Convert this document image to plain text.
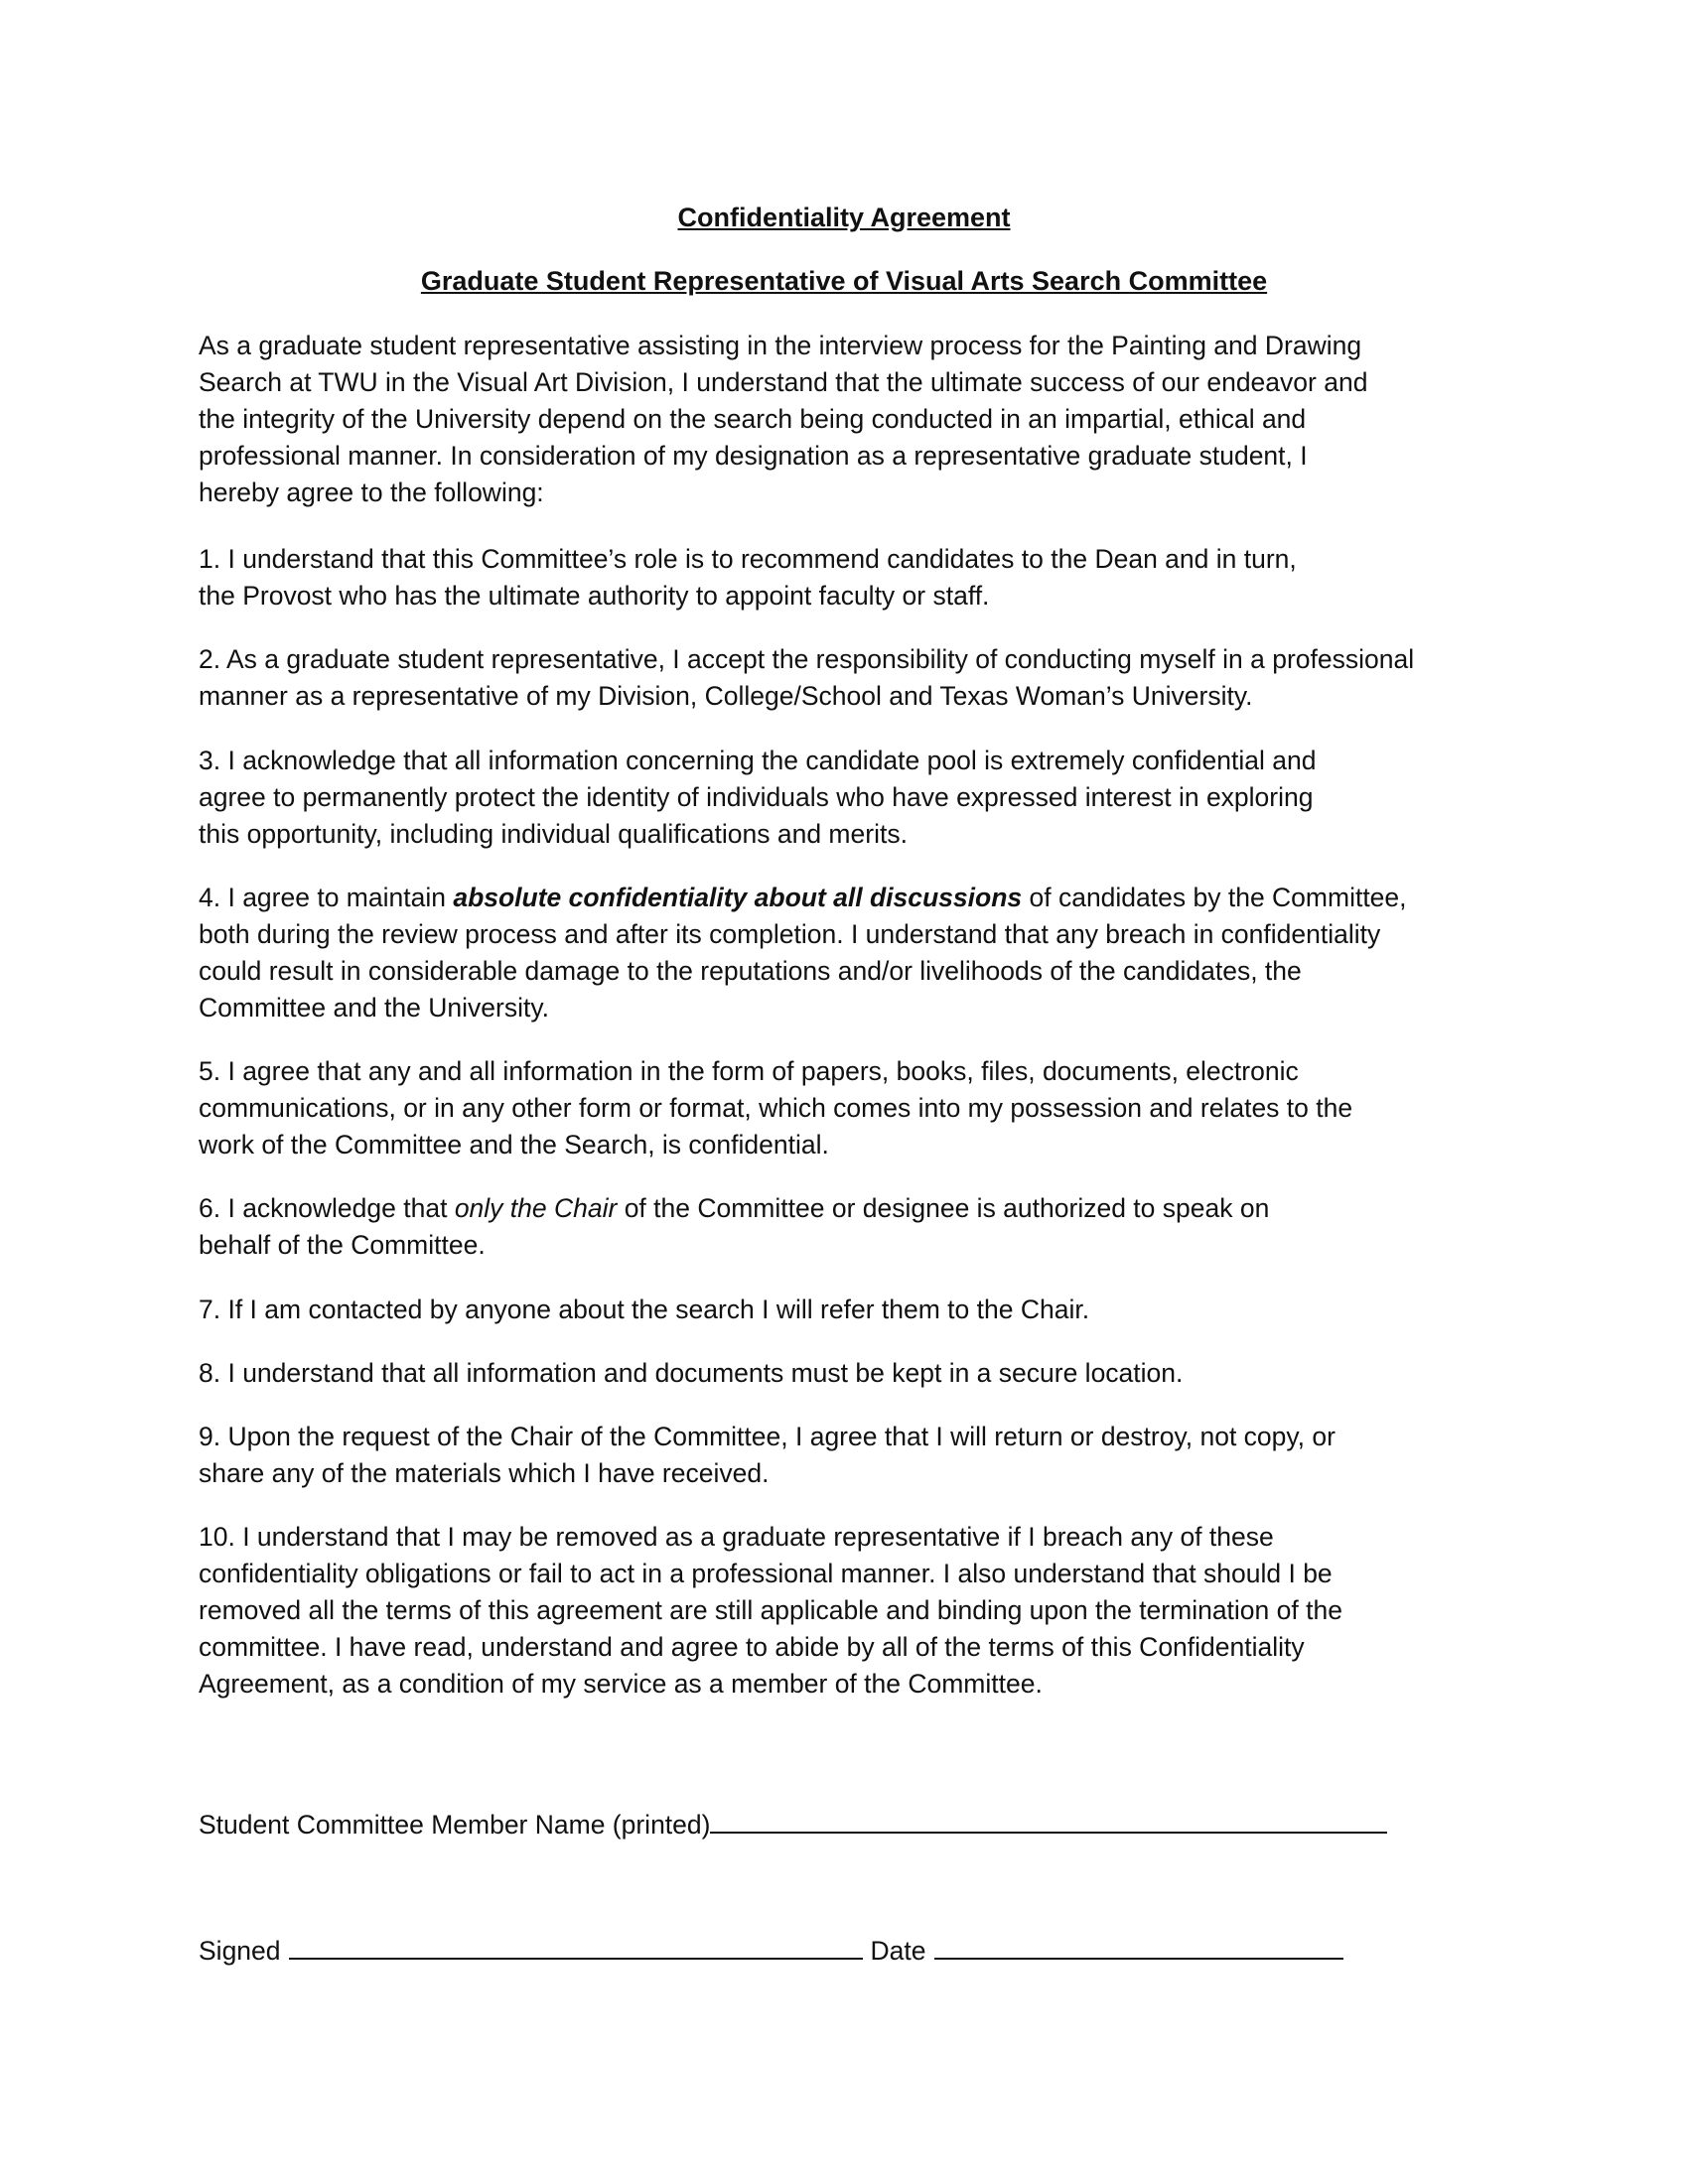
Confidentiality Agreement
Graduate Student Representative of Visual Arts Search Committee

As a graduate student representative assisting in the interview process for the Painting and Drawing
Search at TWU in the Visual Art Division, I understand that the ultimate success of our endeavor and
the integrity of the University depend on the search being conducted in an impartial, ethical and
professional manner. In consideration of my designation as a representative graduate student, I
hereby agree to the following:

1. I understand that this Committee’s role is to recommend candidates to the Dean and in turn,
the Provost who has the ultimate authority to appoint faculty or staff.

2. As a graduate student representative, I accept the responsibility of conducting myself in a professional
manner as a representative of my Division, College/School and Texas Woman’s University.

3. I acknowledge that all information concerning the candidate pool is extremely confidential and
agree to permanently protect the identity of individuals who have expressed interest in exploring
this opportunity, including individual qualifications and merits.

4. I agree to maintain absolute confidentiality about all discussions of candidates by the Committee,
both during the review process and after its completion. I understand that any breach in confidentiality
could result in considerable damage to the reputations and/or livelihoods of the candidates, the
Committee and the University.

5. I agree that any and all information in the form of papers, books, files, documents, electronic
communications, or in any other form or format, which comes into my possession and relates to the
work of the Committee and the Search, is confidential.

6. I acknowledge that only the Chair of the Committee or designee is authorized to speak on
behalf of the Committee.

7. If I am contacted by anyone about the search I will refer them to the Chair.

8. I understand that all information and documents must be kept in a secure location.

9. Upon the request of the Chair of the Committee, I agree that I will return or destroy, not copy, or
share any of the materials which I have received.

10. I understand that I may be removed as a graduate representative if I breach any of these
confidentiality obligations or fail to act in a professional manner. I also understand that should I be
removed all the terms of this agreement are still applicable and binding upon the termination of the
committee. I have read, understand and agree to abide by all of the terms of this Confidentiality
Agreement, as a condition of my service as a member of the Committee.

Student Committee Member Name (printed)
Signed	Date
